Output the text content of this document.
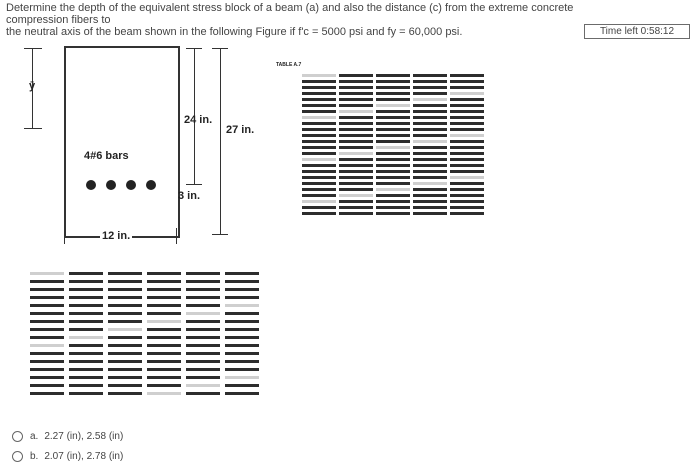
Determine the depth of the equivalent stress block of a beam (a) and also the distance (c) from the extreme concrete compression fibers to
the neutral axis of the beam shown in the following Figure if f'c = 5000 psi and fy = 60,000 psi.	Time left 0:58:12
ȳ
4#6 bars
24 in.
27 in.
3 in.
12 in.
TABLE A.7
a. 2.27 (in), 2.58 (in)
b. 2.07 (in), 2.78 (in)
